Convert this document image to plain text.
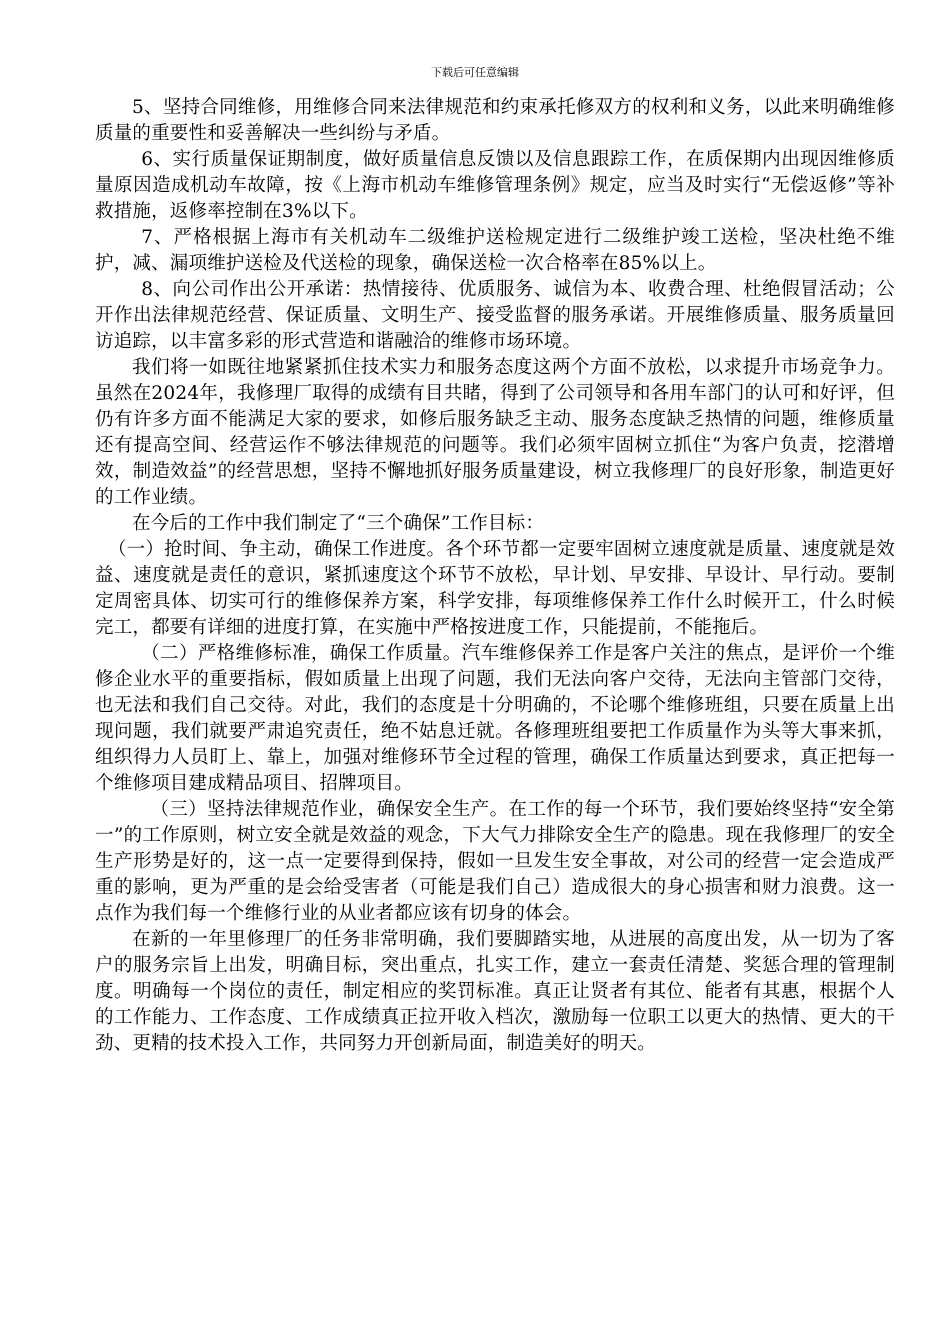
下载后可任意编辑

5、坚持合同维修，用维修合同来法律规范和约束承托修双方的权利和义务，以此来明确维修质量的重要性和妥善解决一些纠纷与矛盾。

6、实行质量保证期制度，做好质量信息反馈以及信息跟踪工作，在质保期内出现因维修质量原因造成机动车故障，按《上海市机动车维修管理条例》规定，应当及时实行“无偿返修”等补救措施，返修率控制在3%以下。

7、严格根据上海市有关机动车二级维护送检规定进行二级维护竣工送检，坚决杜绝不维护，减、漏项维护送检及代送检的现象，确保送检一次合格率在85%以上。

8、向公司作出公开承诺：热情接待、优质服务、诚信为本、收费合理、杜绝假冒活动；公开作出法律规范经营、保证质量、文明生产、接受监督的服务承诺。开展维修质量、服务质量回访追踪，以丰富多彩的形式营造和谐融洽的维修市场环境。

我们将一如既往地紧紧抓住技术实力和服务态度这两个方面不放松，以求提升市场竞争力。虽然在2024年，我修理厂取得的成绩有目共睹，得到了公司领导和各用车部门的认可和好评，但仍有许多方面不能满足大家的要求，如修后服务缺乏主动、服务态度缺乏热情的问题，维修质量还有提高空间、经营运作不够法律规范的问题等。我们必须牢固树立抓住“为客户负责，挖潜增效，制造效益”的经营思想，坚持不懈地抓好服务质量建设，树立我修理厂的良好形象，制造更好的工作业绩。

在今后的工作中我们制定了“三个确保”工作目标：

（一）抢时间、争主动，确保工作进度。各个环节都一定要牢固树立速度就是质量、速度就是效益、速度就是责任的意识，紧抓速度这个环节不放松，早计划、早安排、早设计、早行动。要制定周密具体、切实可行的维修保养方案，科学安排，每项维修保养工作什么时候开工，什么时候完工，都要有详细的进度打算，在实施中严格按进度工作，只能提前，不能拖后。

（二）严格维修标准，确保工作质量。汽车维修保养工作是客户关注的焦点，是评价一个维修企业水平的重要指标，假如质量上出现了问题，我们无法向客户交待，无法向主管部门交待，也无法和我们自己交待。对此，我们的态度是十分明确的，不论哪个维修班组，只要在质量上出现问题，我们就要严肃追究责任，绝不姑息迁就。各修理班组要把工作质量作为头等大事来抓，组织得力人员盯上、靠上，加强对维修环节全过程的管理，确保工作质量达到要求，真正把每一个维修项目建成精品项目、招牌项目。

（三）坚持法律规范作业，确保安全生产。在工作的每一个环节，我们要始终坚持“安全第一”的工作原则，树立安全就是效益的观念，下大气力排除安全生产的隐患。现在我修理厂的安全生产形势是好的，这一点一定要得到保持，假如一旦发生安全事故，对公司的经营一定会造成严重的影响，更为严重的是会给受害者（可能是我们自己）造成很大的身心损害和财力浪费。这一点作为我们每一个维修行业的从业者都应该有切身的体会。

在新的一年里修理厂的任务非常明确，我们要脚踏实地，从进展的高度出发，从一切为了客户的服务宗旨上出发，明确目标，突出重点，扎实工作，建立一套责任清楚、奖惩合理的管理制度。明确每一个岗位的责任，制定相应的奖罚标准。真正让贤者有其位、能者有其惠，根据个人的工作能力、工作态度、工作成绩真正拉开收入档次，激励每一位职工以更大的热情、更大的干劲、更精的技术投入工作，共同努力开创新局面，制造美好的明天。
